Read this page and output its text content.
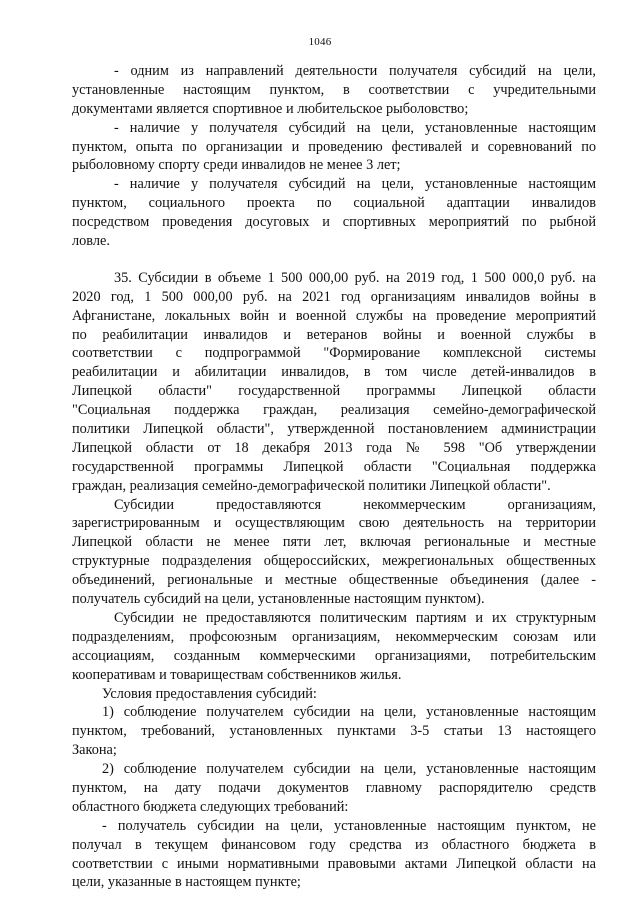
1046
- одним из направлений деятельности получателя субсидий на цели,
установленные настоящим пунктом, в соответствии с учредительными
документами является спортивное и любительское рыболовство;
- наличие у получателя субсидий на цели, установленные настоящим
пунктом, опыта по организации и проведению фестивалей и соревнований по
рыболовному спорту среди инвалидов не менее 3 лет;
- наличие у получателя субсидий на цели, установленные настоящим
пунктом, социального проекта по социальной адаптации инвалидов
посредством проведения досуговых и спортивных мероприятий по рыбной
ловле.
35. Субсидии в объеме 1 500 000,00 руб. на 2019 год, 1 500 000,0 руб. на
2020 год, 1 500 000,00 руб. на 2021 год организациям инвалидов войны в
Афганистане, локальных войн и военной службы на проведение мероприятий
по реабилитации инвалидов и ветеранов войны и военной службы в
соответствии с подпрограммой "Формирование комплексной системы
реабилитации и абилитации инвалидов, в том числе детей-инвалидов в
Липецкой области" государственной программы Липецкой области
"Социальная поддержка граждан, реализация семейно-демографической
политики Липецкой области", утвержденной постановлением администрации
Липецкой области от 18 декабря 2013 года № 598 "Об утверждении
государственной программы Липецкой области "Социальная поддержка
граждан, реализация семейно-демографической политики Липецкой области".
Субсидии предоставляются некоммерческим организациям,
зарегистрированным и осуществляющим свою деятельность на территории
Липецкой области не менее пяти лет, включая региональные и местные
структурные подразделения общероссийских, межрегиональных общественных
объединений, региональные и местные общественные объединения (далее -
получатель субсидий на цели, установленные настоящим пунктом).
Субсидии не предоставляются политическим партиям и их структурным
подразделениям, профсоюзным организациям, некоммерческим союзам или
ассоциациям, созданным коммерческими организациями, потребительским
кооперативам и товариществам собственников жилья.
Условия предоставления субсидий:
1) соблюдение получателем субсидии на цели, установленные настоящим
пунктом, требований, установленных пунктами 3-5 статьи 13 настоящего
Закона;
2) соблюдение получателем субсидии на цели, установленные настоящим
пунктом, на дату подачи документов главному распорядителю средств
областного бюджета следующих требований:
- получатель субсидии на цели, установленные настоящим пунктом, не
получал в текущем финансовом году средства из областного бюджета в
соответствии с иными нормативными правовыми актами Липецкой области на
цели, указанные в настоящем пункте;
